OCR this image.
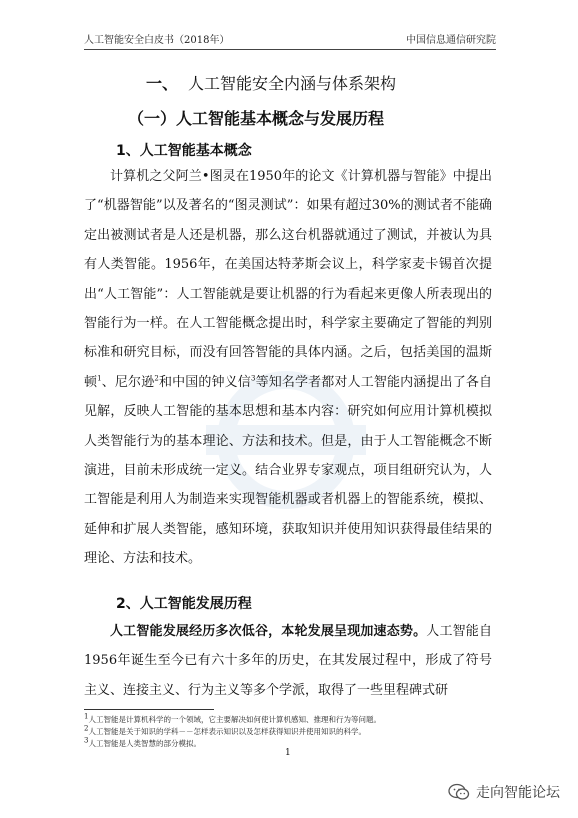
人工智能安全白皮书（2018年）	中国信息通信研究院
一、 人工智能安全内涵与体系架构
（一）人工智能基本概念与发展历程
1、人工智能基本概念

计算机之父阿兰•图灵在1950年的论文《计算机器与智能》中提出了“机器智能”以及著名的“图灵测试”：如果有超过30%的测试者不能确定出被测试者是人还是机器，那么这台机器就通过了测试，并被认为具有人类智能。1956年，在美国达特茅斯会议上，科学家麦卡锡首次提出“人工智能”：人工智能就是要让机器的行为看起来更像人所表现出的智能行为一样。在人工智能概念提出时，科学家主要确定了智能的判别标准和研究目标，而没有回答智能的具体内涵。之后，包括美国的温斯顿$^1$、尼尔逊$^2$和中国的钟义信$^3$等知名学者都对人工智能内涵提出了各自见解，反映人工智能的基本思想和基本内容：研究如何应用计算机模拟人类智能行为的基本理论、方法和技术。但是，由于人工智能概念不断演进，目前未形成统一定义。结合业界专家观点，项目组研究认为，人工智能是利用人为制造来实现智能机器或者机器上的智能系统，模拟、延伸和扩展人类智能，感知环境，获取知识并使用知识获得最佳结果的理论、方法和技术。

2、人工智能发展历程

人工智能发展经历多次低谷，本轮发展呈现加速态势。人工智能自1956年诞生至今已有六十多年的历史，在其发展过程中，形成了符号主义、连接主义、行为主义等多个学派，取得了一些里程碑式研

$^1$人工智能是计算机科学的一个领域，它主要解决如何使计算机感知、推理和行为等问题。
$^2$人工智能是关于知识的学科－－怎样表示知识以及怎样获得知识并使用知识的科学。
$^3$人工智能是人类智慧的部分模拟。
1
走向智能论坛
